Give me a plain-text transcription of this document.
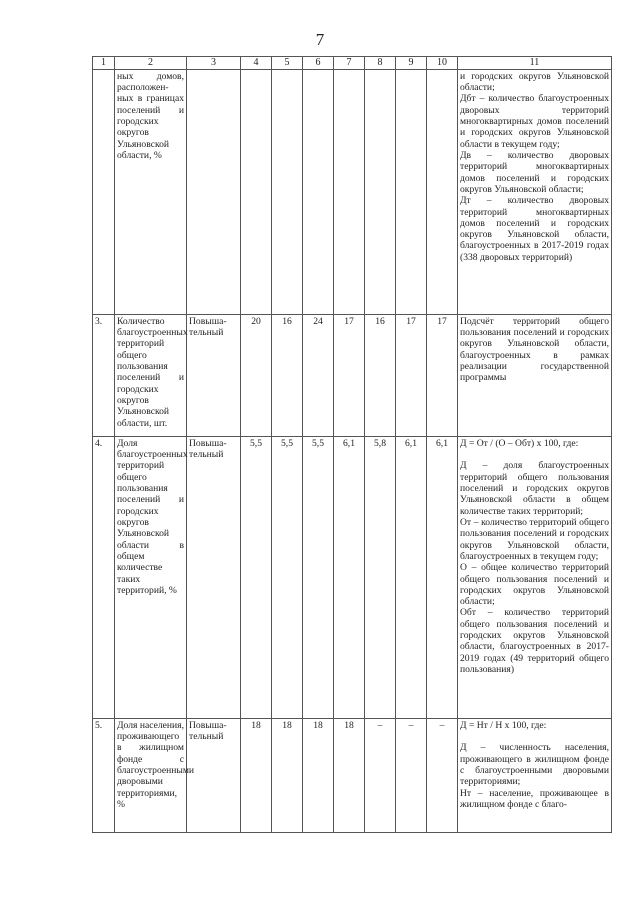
7
1	2	3	4	5	6	7	8	9	10	11
	ных домов, расположен-ных в границах поселений и городских округов Ульяновской области, %									и городских округов Ульяновской области;
Дбт – количество благоустроенных дворовых территорий многоквартирных домов поселений и городских округов Ульяновской области в текущем году;
Дв – количество дворовых территорий многоквартирных домов поселений и городских округов Ульяновской области;
Дт – количество дворовых территорий многоквартирных домов поселений и городских округов Ульяновской области, благоустроенных в 2017-2019 годах (338 дворовых территорий)

3.	Количество благоустроенных территорий общего пользования поселений и городских округов Ульяновской области, шт.	Повыша-тельный	20	16	24	17	16	17	17	Подсчёт территорий общего пользования поселений и городских округов Ульяновской области, благоустроенных в рамках реализации государственной программы

4.	Доля благоустроенных территорий общего пользования поселений и городских округов Ульяновской области в общем количестве таких территорий, %	Повыша-тельный	5,5	5,5	5,5	6,1	5,8	6,1	6,1	Д = От / (О – Обт) х 100, где:

Д – доля благоустроенных территорий общего пользования поселений и городских округов Ульяновской области в общем количестве таких территорий;
От – количество территорий общего пользования поселений и городских округов Ульяновской области, благоустроенных в текущем году;
О – общее количество территорий общего пользования поселений и городских округов Ульяновской области;
Обт – количество территорий общего пользования поселений и городских округов Ульяновской области, благоустроенных в 2017-2019 годах (49 территорий общего пользования)

5.	Доля населения, проживающего в жилищном фонде с благоустроенными дворовыми территориями, %	Повыша-тельный	18	18	18	18	–	–	–	Д = Нт / Н х 100, где:

Д – численность населения, проживающего в жилищном фонде с благоустроенными дворовыми территориями;
Нт – население, проживающее в жилищном фонде с благо-
